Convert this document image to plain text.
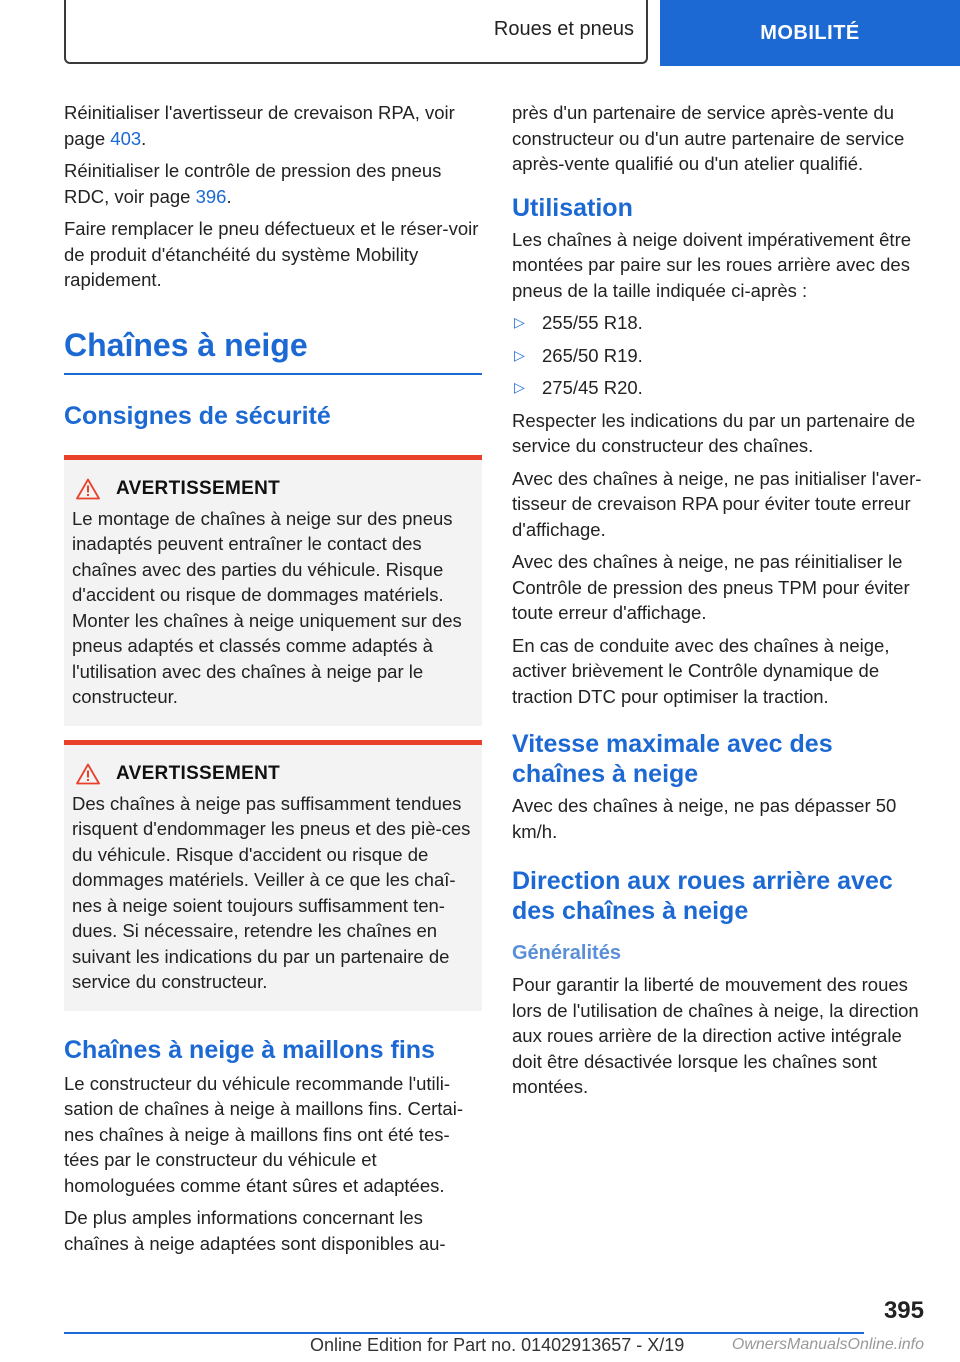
Roues et pneus	MOBILITÉ

Réinitialiser l'avertisseur de crevaison RPA, voir page 403.

Réinitialiser le contrôle de pression des pneus RDC, voir page 396.

Faire remplacer le pneu défectueux et le réser-voir de produit d'étanchéité du système Mobility rapidement.

Chaînes à neige
Consignes de sécurité
AVERTISSEMENT

Le montage de chaînes à neige sur des pneus inadaptés peuvent entraîner le contact des chaînes avec des parties du véhicule. Risque d'accident ou risque de dommages matériels. Monter les chaînes à neige uniquement sur des pneus adaptés et classés comme adaptés à l'utilisation avec des chaînes à neige par le constructeur.

AVERTISSEMENT

Des chaînes à neige pas suffisamment tendues risquent d'endommager les pneus et des piè-ces du véhicule. Risque d'accident ou risque de dommages matériels. Veiller à ce que les chaî-nes à neige soient toujours suffisamment ten-dues. Si nécessaire, retendre les chaînes en suivant les indications du par un partenaire de service du constructeur.

Chaînes à neige à maillons fins

Le constructeur du véhicule recommande l'utili-sation de chaînes à neige à maillons fins. Certai-nes chaînes à neige à maillons fins ont été tes-tées par le constructeur du véhicule et homologuées comme étant sûres et adaptées.

De plus amples informations concernant les chaînes à neige adaptées sont disponibles au-

près d'un partenaire de service après-vente du constructeur ou d'un autre partenaire de service après-vente qualifié ou d'un atelier qualifié.

Utilisation

Les chaînes à neige doivent impérativement être montées par paire sur les roues arrière avec des pneus de la taille indiquée ci-après :

▷ 255/55 R18.
▷ 265/50 R19.
▷ 275/45 R20.

Respecter les indications du par un partenaire de service du constructeur des chaînes.

Avec des chaînes à neige, ne pas initialiser l'aver-tisseur de crevaison RPA pour éviter toute erreur d'affichage.

Avec des chaînes à neige, ne pas réinitialiser le Contrôle de pression des pneus TPM pour éviter toute erreur d'affichage.

En cas de conduite avec des chaînes à neige, activer brièvement le Contrôle dynamique de traction DTC pour optimiser la traction.

Vitesse maximale avec des chaînes à neige

Avec des chaînes à neige, ne pas dépasser 50 km/h.

Direction aux roues arrière avec des chaînes à neige
Généralités

Pour garantir la liberté de mouvement des roues lors de l'utilisation de chaînes à neige, la direction aux roues arrière de la direction active intégrale doit être désactivée lorsque les chaînes sont montées.

395
Online Edition for Part no. 01402913657 - X/19	OwnersManualsOnline.info
